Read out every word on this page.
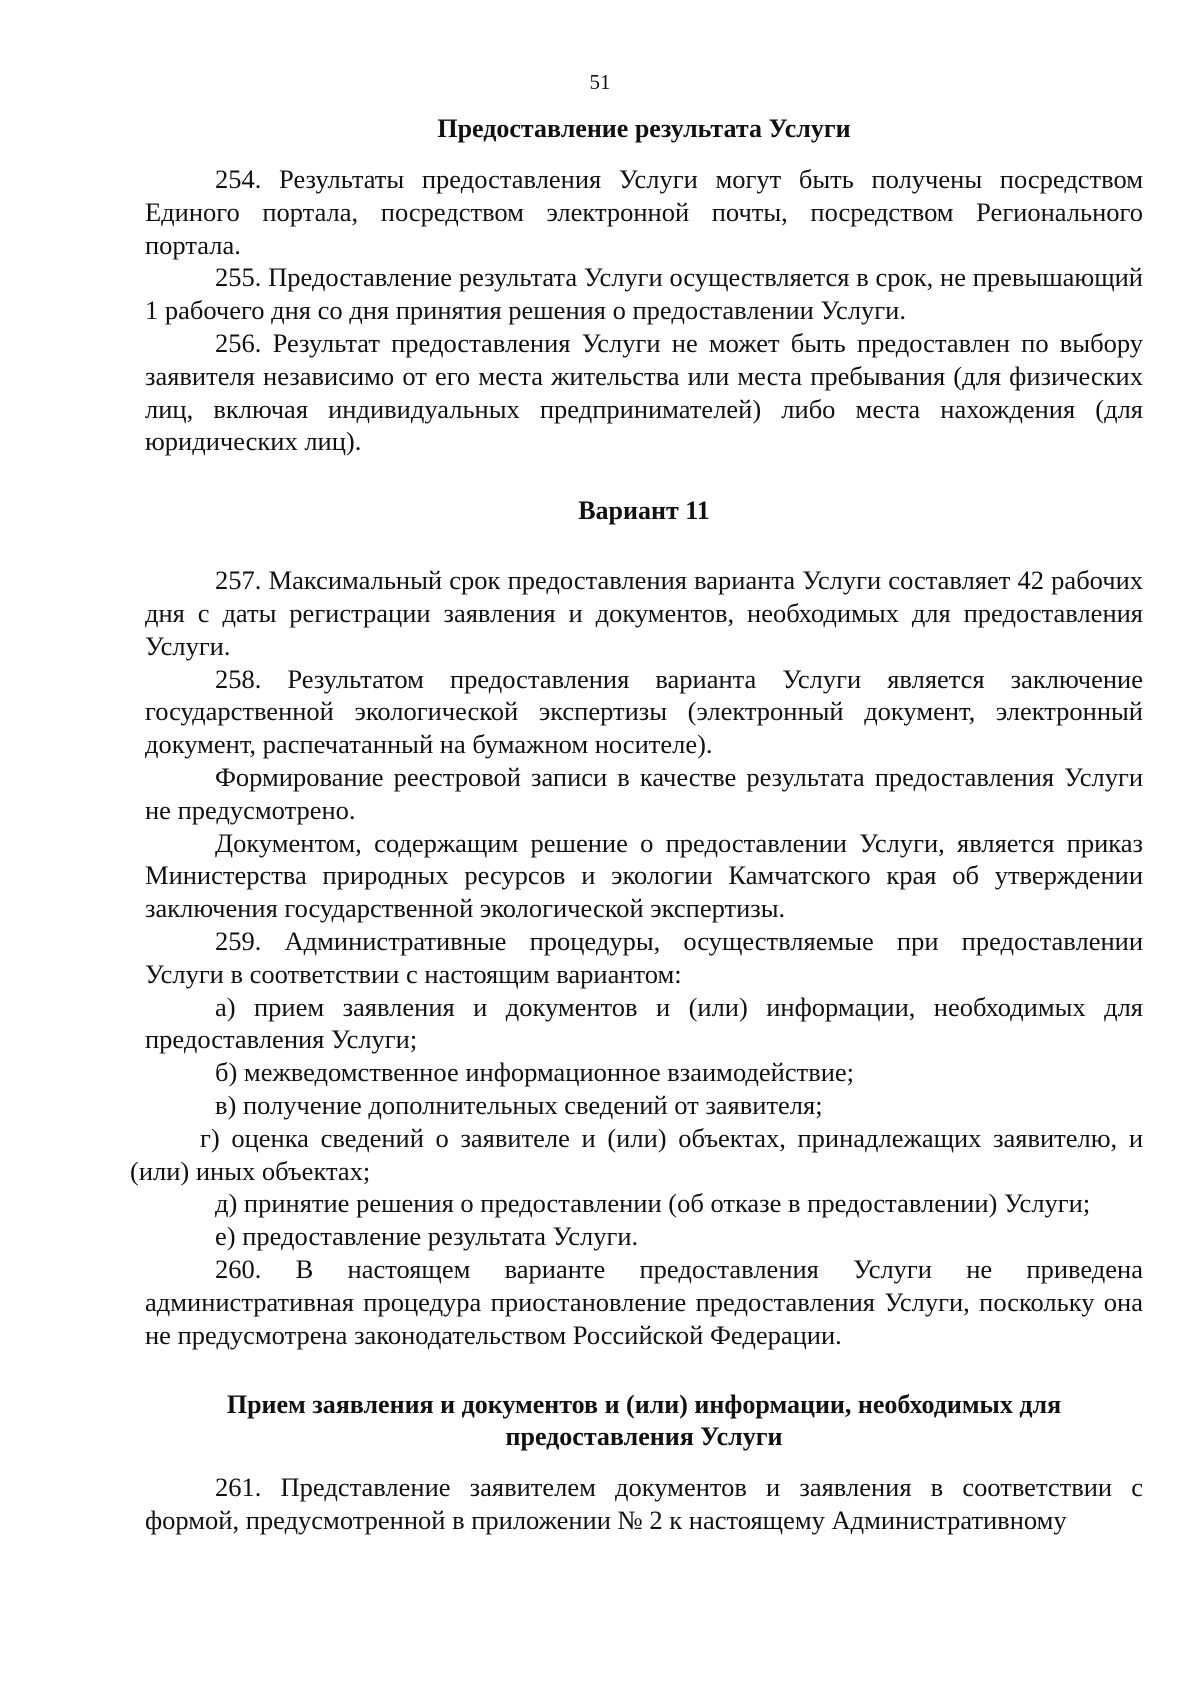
51
Предоставление результата Услуги

254. Результаты предоставления Услуги могут быть получены посредством Единого портала, посредством электронной почты, посредством Регионального портала.

255. Предоставление результата Услуги осуществляется в срок, не превышающий 1 рабочего дня со дня принятия решения о предоставлении Услуги.

256. Результат предоставления Услуги не может быть предоставлен по выбору заявителя независимо от его места жительства или места пребывания (для физических лиц, включая индивидуальных предпринимателей) либо места нахождения (для юридических лиц).

Вариант 11

257. Максимальный срок предоставления варианта Услуги составляет 42 рабочих дня с даты регистрации заявления и документов, необходимых для предоставления Услуги.

258. Результатом предоставления варианта Услуги является заключение государственной экологической экспертизы (электронный документ, электронный документ, распечатанный на бумажном носителе).

Формирование реестровой записи в качестве результата предоставления Услуги не предусмотрено.

Документом, содержащим решение о предоставлении Услуги, является приказ Министерства природных ресурсов и экологии Камчатского края об утверждении заключения государственной экологической экспертизы.

259. Административные процедуры, осуществляемые при предоставлении Услуги в соответствии с настоящим вариантом:

а) прием заявления и документов и (или) информации, необходимых для предоставления Услуги;

б) межведомственное информационное взаимодействие;

в) получение дополнительных сведений от заявителя;

г) оценка сведений о заявителе и (или) объектах, принадлежащих заявителю, и (или) иных объектах;

д) принятие решения о предоставлении (об отказе в предоставлении) Услуги;

е) предоставление результата Услуги.

260. В настоящем варианте предоставления Услуги не приведена административная процедура приостановление предоставления Услуги, поскольку она не предусмотрена законодательством Российской Федерации.

Прием заявления и документов и (или) информации, необходимых для
предоставления Услуги

261. Представление заявителем документов и заявления в соответствии с формой, предусмотренной в приложении № 2 к настоящему Административному
